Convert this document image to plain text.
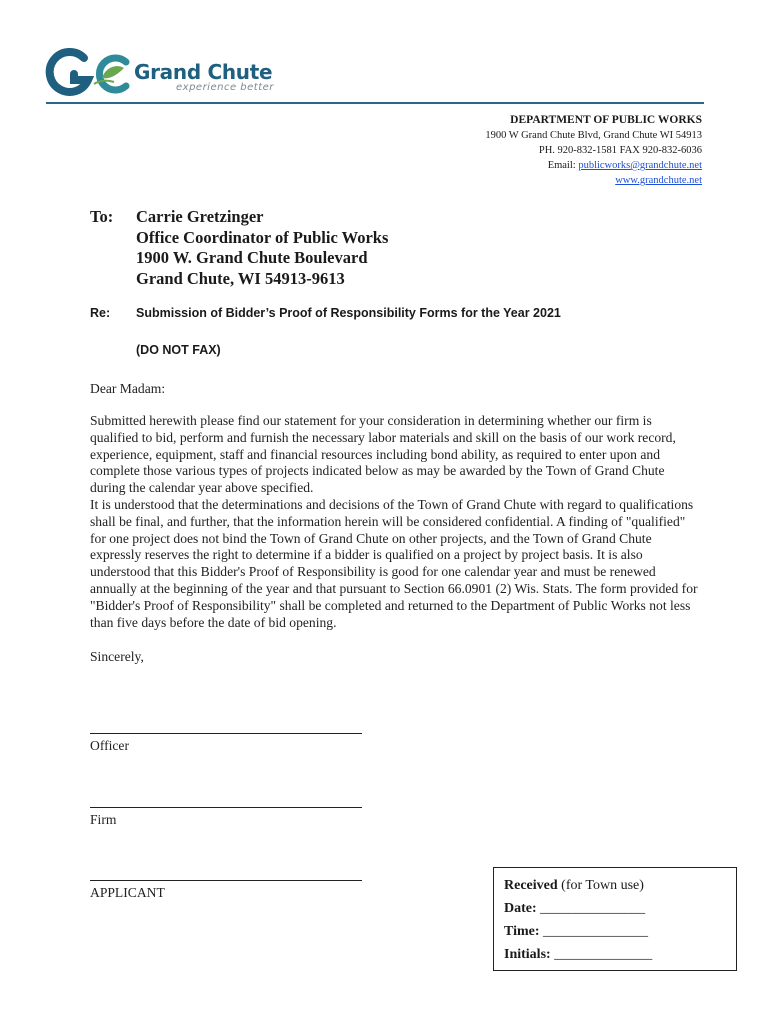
Grand Chute
experience better
DEPARTMENT OF PUBLIC WORKS
1900 W Grand Chute Blvd, Grand Chute WI 54913
PH. 920-832-1581 FAX 920-832-6036
Email: publicworks@grandchute.net
www.grandchute.net
To: Carrie Gretzinger
Office Coordinator of Public Works
1900 W. Grand Chute Boulevard
Grand Chute, WI 54913-9613
Re: Submission of Bidder’s Proof of Responsibility Forms for the Year 2021
(DO NOT FAX)
Dear Madam:
Submitted herewith please find our statement for your consideration in determining whether our firm is qualified to bid, perform and furnish the necessary labor materials and skill on the basis of our work record, experience, equipment, staff and financial resources including bond ability, as required to enter upon and complete those various types of projects indicated below as may be awarded by the Town of Grand Chute during the calendar year above specified.
It is understood that the determinations and decisions of the Town of Grand Chute with regard to qualifications shall be final, and further, that the information herein will be considered confidential. A finding of "qualified" for one project does not bind the Town of Grand Chute on other projects, and the Town of Grand Chute expressly reserves the right to determine if a bidder is qualified on a project by project basis. It is also understood that this Bidder's Proof of Responsibility is good for one calendar year and must be renewed annually at the beginning of the year and that pursuant to Section 66.0901 (2) Wis. Stats. The form provided for "Bidder's Proof of Responsibility" shall be completed and returned to the Department of Public Works not less than five days before the date of bid opening.
Sincerely,
Officer
Firm
APPLICANT	Received (for Town use)
Date: _______________
Time: _______________
Initials: ______________
